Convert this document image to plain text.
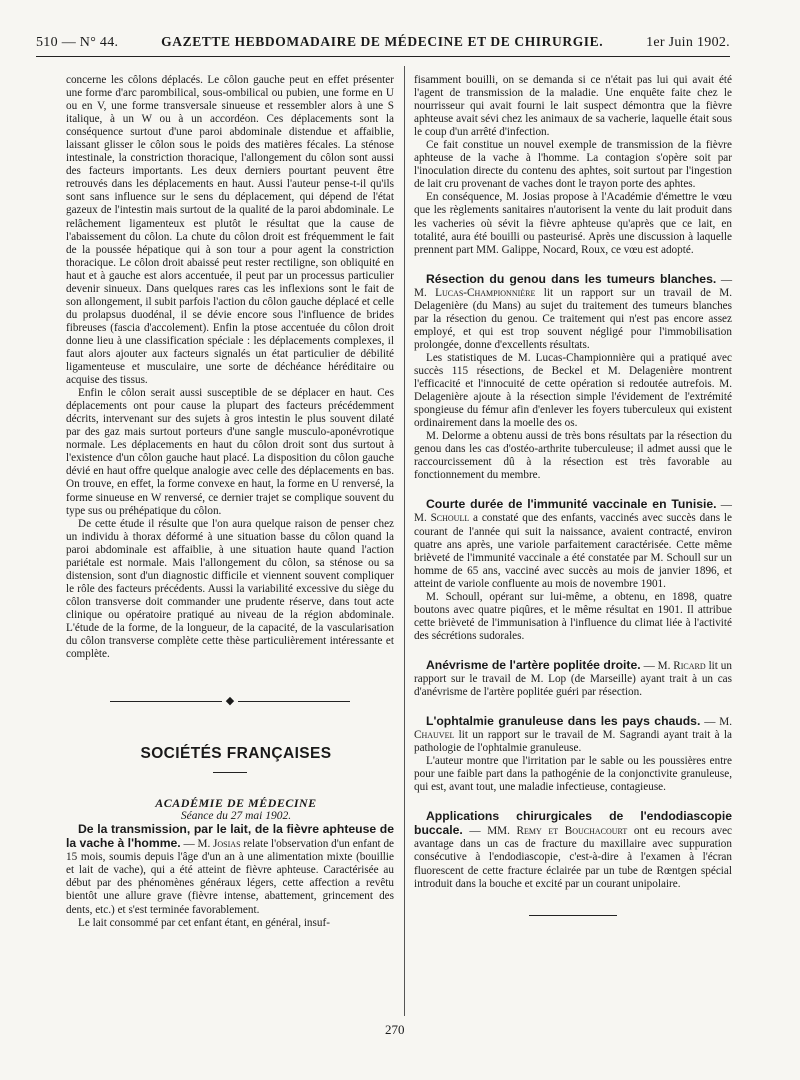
510 — N° 44.	GAZETTE HEBDOMADAIRE DE MÉDECINE ET DE CHIRURGIE.	1er Juin 1902.

concerne les côlons déplacés. Le côlon gauche peut en effet présenter une forme d'arc parombilical, sous-ombilical ou pubien, une forme en U ou en V, une forme transversale sinueuse et ressembler alors à une S italique, à un W ou à un accordéon. Ces déplacements sont la conséquence surtout d'une paroi abdominale distendue et affaiblie, laissant glisser le côlon sous le poids des matières fécales. La sténose intestinale, la constriction thoracique, l'allongement du côlon sont aussi des facteurs importants. Les deux derniers pourtant peuvent être retrouvés dans les déplacements en haut. Aussi l'auteur pense-t-il qu'ils sont sans influence sur le sens du déplacement, qui dépend de l'état gazeux de l'intestin mais surtout de la qualité de la paroi abdominale. Le relâchement ligamenteux est plutôt le résultat que la cause de l'abaissement du côlon. La chute du côlon droit est fréquemment le fait de la poussée hépatique qui à son tour a pour agent la constriction thoracique. Le côlon droit abaissé peut rester rectiligne, son obliquité en haut et à gauche est alors accentuée, il peut par un processus particulier devenir sinueux. Dans quelques rares cas les inflexions sont le fait de son allongement, il subit parfois l'action du côlon gauche déplacé et celle du prolapsus duodénal, il se dévie encore sous l'influence de brides fibreuses (fascia d'accolement). Enfin la ptose accentuée du côlon droit donne lieu à une classification spéciale : les déplacements complexes, il faut alors ajouter aux facteurs signalés un état particulier de débilité ligamenteuse et musculaire, une sorte de déchéance héréditaire ou acquise des tissus.

Enfin le côlon serait aussi susceptible de se déplacer en haut. Ces déplacements ont pour cause la plupart des facteurs précédemment décrits, intervenant sur des sujets à gros intestin le plus souvent dilaté par des gaz mais surtout porteurs d'une sangle musculo-aponévrotique normale. Les déplacements en haut du côlon droit sont dus surtout à l'existence d'un côlon gauche haut placé. La disposition du côlon gauche dévié en haut offre quelque analogie avec celle des déplacements en bas. On trouve, en effet, la forme convexe en haut, la forme en U renversé, la forme sinueuse en W renversé, ce dernier trajet se complique souvent du type sus ou préhépatique du côlon.

De cette étude il résulte que l'on aura quelque raison de penser chez un individu à thorax déformé à une situation basse du côlon quand la paroi abdominale est affaiblie, à une situation haute quand l'action pariétale est normale. Mais l'allongement du côlon, sa sténose ou sa distension, sont d'un diagnostic difficile et viennent souvent compliquer le rôle des facteurs précédents. Aussi la variabilité excessive du siège du côlon transverse doit commander une prudente réserve, dans tout acte clinique ou opératoire pratiqué au niveau de la région abdominale. L'étude de la forme, de la longueur, de la capacité, de la vascularisation du côlon transverse complète cette thèse particulièrement intéressante et complète.

◆

SOCIÉTÉS FRANÇAISES

ACADÉMIE DE MÉDECINE

Séance du 27 mai 1902.

De la transmission, par le lait, de la fièvre aphteuse de la vache à l'homme. — M. Josias relate l'observation d'un enfant de 15 mois, soumis depuis l'âge d'un an à une alimentation mixte (bouillie et lait de vache), qui a été atteint de fièvre aphteuse. Caractérisée au début par des phénomènes généraux légers, cette affection a revêtu bientôt une allure grave (fièvre intense, abattement, grincement des dents, etc.) et s'est terminée favorablement.

Le lait consommé par cet enfant étant, en général, insuf-

fisamment bouilli, on se demanda si ce n'était pas lui qui avait été l'agent de transmission de la maladie. Une enquête faite chez le nourrisseur qui avait fourni le lait suspect démontra que la fièvre aphteuse avait sévi chez les animaux de sa vacherie, laquelle était sous le coup d'un arrêté d'infection.

Ce fait constitue un nouvel exemple de transmission de la fièvre aphteuse de la vache à l'homme. La contagion s'opère soit par l'inoculation directe du contenu des aphtes, soit surtout par l'ingestion de lait cru provenant de vaches dont le trayon porte des aphtes.

En conséquence, M. Josias propose à l'Académie d'émettre le vœu que les règlements sanitaires n'autorisent la vente du lait produit dans les vacheries où sévit la fièvre aphteuse qu'après que ce lait, en totalité, aura été bouilli ou pasteurisé. Après une discussion à laquelle prennent part MM. Galippe, Nocard, Roux, ce vœu est adopté.

Résection du genou dans les tumeurs blanches. — M. Lucas-Championnière lit un rapport sur un travail de M. Delagenière (du Mans) au sujet du traitement des tumeurs blanches par la résection du genou. Ce traitement qui n'est pas encore assez employé, et qui est trop souvent négligé pour l'immobilisation prolongée, donne d'excellents résultats.

Les statistiques de M. Lucas-Championnière qui a pratiqué avec succès 115 résections, de Beckel et M. Delagenière montrent l'efficacité et l'innocuité de cette opération si redoutée autrefois. M. Delagenière ajoute à la résection simple l'évidement de l'extrémité spongieuse du fémur afin d'enlever les foyers tuberculeux qui existent ordinairement dans la moelle des os.

M. Delorme a obtenu aussi de très bons résultats par la résection du genou dans les cas d'ostéo-arthrite tuberculeuse; il admet aussi que le raccourcissement dû à la résection est très favorable au fonctionnement du membre.

Courte durée de l'immunité vaccinale en Tunisie. — M. Schoull a constaté que des enfants, vaccinés avec succès dans le courant de l'année qui suit la naissance, avaient contracté, environ quatre ans après, une variole parfaitement caractérisée. Cette même brièveté de l'immunité vaccinale a été constatée par M. Schoull sur un homme de 65 ans, vacciné avec succès au mois de janvier 1896, et atteint de variole confluente au mois de novembre 1901.

M. Schoull, opérant sur lui-même, a obtenu, en 1898, quatre boutons avec quatre piqûres, et le même résultat en 1901. Il attribue cette brièveté de l'immunisation à l'influence du climat liée à l'activité des sécrétions sudorales.

Anévrisme de l'artère poplitée droite. — M. Ricard lit un rapport sur le travail de M. Lop (de Marseille) ayant trait à un cas d'anévrisme de l'artère poplitée guéri par résection.

L'ophtalmie granuleuse dans les pays chauds. — M. Chauvel lit un rapport sur le travail de M. Sagrandi ayant trait à la pathologie de l'ophtalmie granuleuse.

L'auteur montre que l'irritation par le sable ou les poussières entre pour une faible part dans la pathogénie de la conjonctivite granuleuse, qui est, avant tout, une maladie infectieuse, contagieuse.

Applications chirurgicales de l'endodiascopie buccale. — MM. Remy et Bouchacourt ont eu recours avec avantage dans un cas de fracture du maxillaire avec suppuration consécutive à l'endodiascopie, c'est-à-dire à l'examen à l'écran fluorescent de cette fracture éclairée par un tube de Rœntgen spécial introduit dans la bouche et excité par un courant unipolaire.

270
